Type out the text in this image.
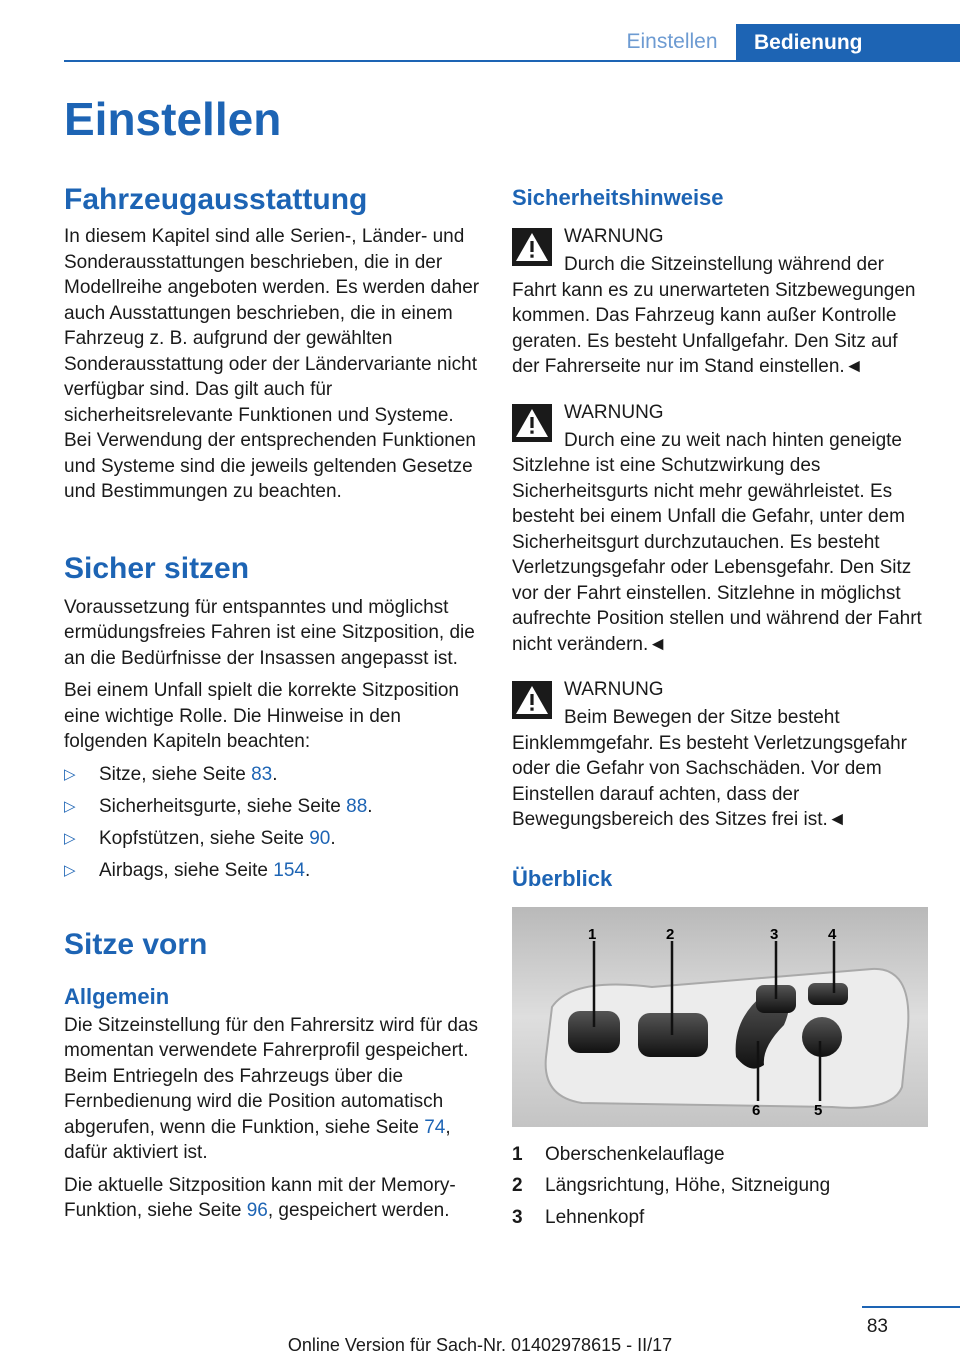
Einstellen	Bedienung
Einstellen
Fahrzeugausstattung

In diesem Kapitel sind alle Serien-, Länder- und Sonderausstattungen beschrieben, die in der Modellreihe angeboten werden. Es werden daher auch Ausstattungen beschrieben, die in einem Fahrzeug z. B. aufgrund der gewählten Sonderausstattung oder der Ländervariante nicht verfügbar sind. Das gilt auch für sicherheitsrelevante Funktionen und Systeme. Bei Verwendung der entsprechenden Funktionen und Systeme sind die jeweils geltenden Gesetze und Bestimmungen zu beachten.

Sicher sitzen

Voraussetzung für entspanntes und möglichst ermüdungsfreies Fahren ist eine Sitzposition, die an die Bedürfnisse der Insassen angepasst ist.

Bei einem Unfall spielt die korrekte Sitzposition eine wichtige Rolle. Die Hinweise in den folgenden Kapiteln beachten:

▷ Sitze, siehe Seite 83.
▷ Sicherheitsgurte, siehe Seite 88.
▷ Kopfstützen, siehe Seite 90.
▷ Airbags, siehe Seite 154.
Sitze vorn
Allgemein

Die Sitzeinstellung für den Fahrersitz wird für das momentan verwendete Fahrerprofil gespeichert. Beim Entriegeln des Fahrzeugs über die Fernbedienung wird die Position automatisch abgerufen, wenn die Funktion, siehe Seite 74, dafür aktiviert ist.

Die aktuelle Sitzposition kann mit der Memory-Funktion, siehe Seite 96, gespeichert werden.

Sicherheitshinweise
WARNUNG

Durch die Sitzeinstellung während der Fahrt kann es zu unerwarteten Sitzbewegungen kommen. Das Fahrzeug kann außer Kontrolle geraten. Es besteht Unfallgefahr. Den Sitz auf der Fahrerseite nur im Stand einstellen.◄

WARNUNG

Durch eine zu weit nach hinten geneigte Sitzlehne ist eine Schutzwirkung des Sicherheitsgurts nicht mehr gewährleistet. Es besteht bei einem Unfall die Gefahr, unter dem Sicherheitsgurt durchzutauchen. Es besteht Verletzungsgefahr oder Lebensgefahr. Den Sitz vor der Fahrt einstellen. Sitzlehne in möglichst aufrechte Position stellen und während der Fahrt nicht verändern.◄

WARNUNG

Beim Bewegen der Sitze besteht Einklemmgefahr. Es besteht Verletzungsgefahr oder die Gefahr von Sachschäden. Vor dem Einstellen darauf achten, dass der Bewegungsbereich des Sitzes frei ist.◄

Überblick
1	2	3	4
5
6
1	Oberschenkelauflage
2	Längsrichtung, Höhe, Sitzneigung
3	Lehnenkopf
83
Online Version für Sach-Nr. 01402978615 - II/17
